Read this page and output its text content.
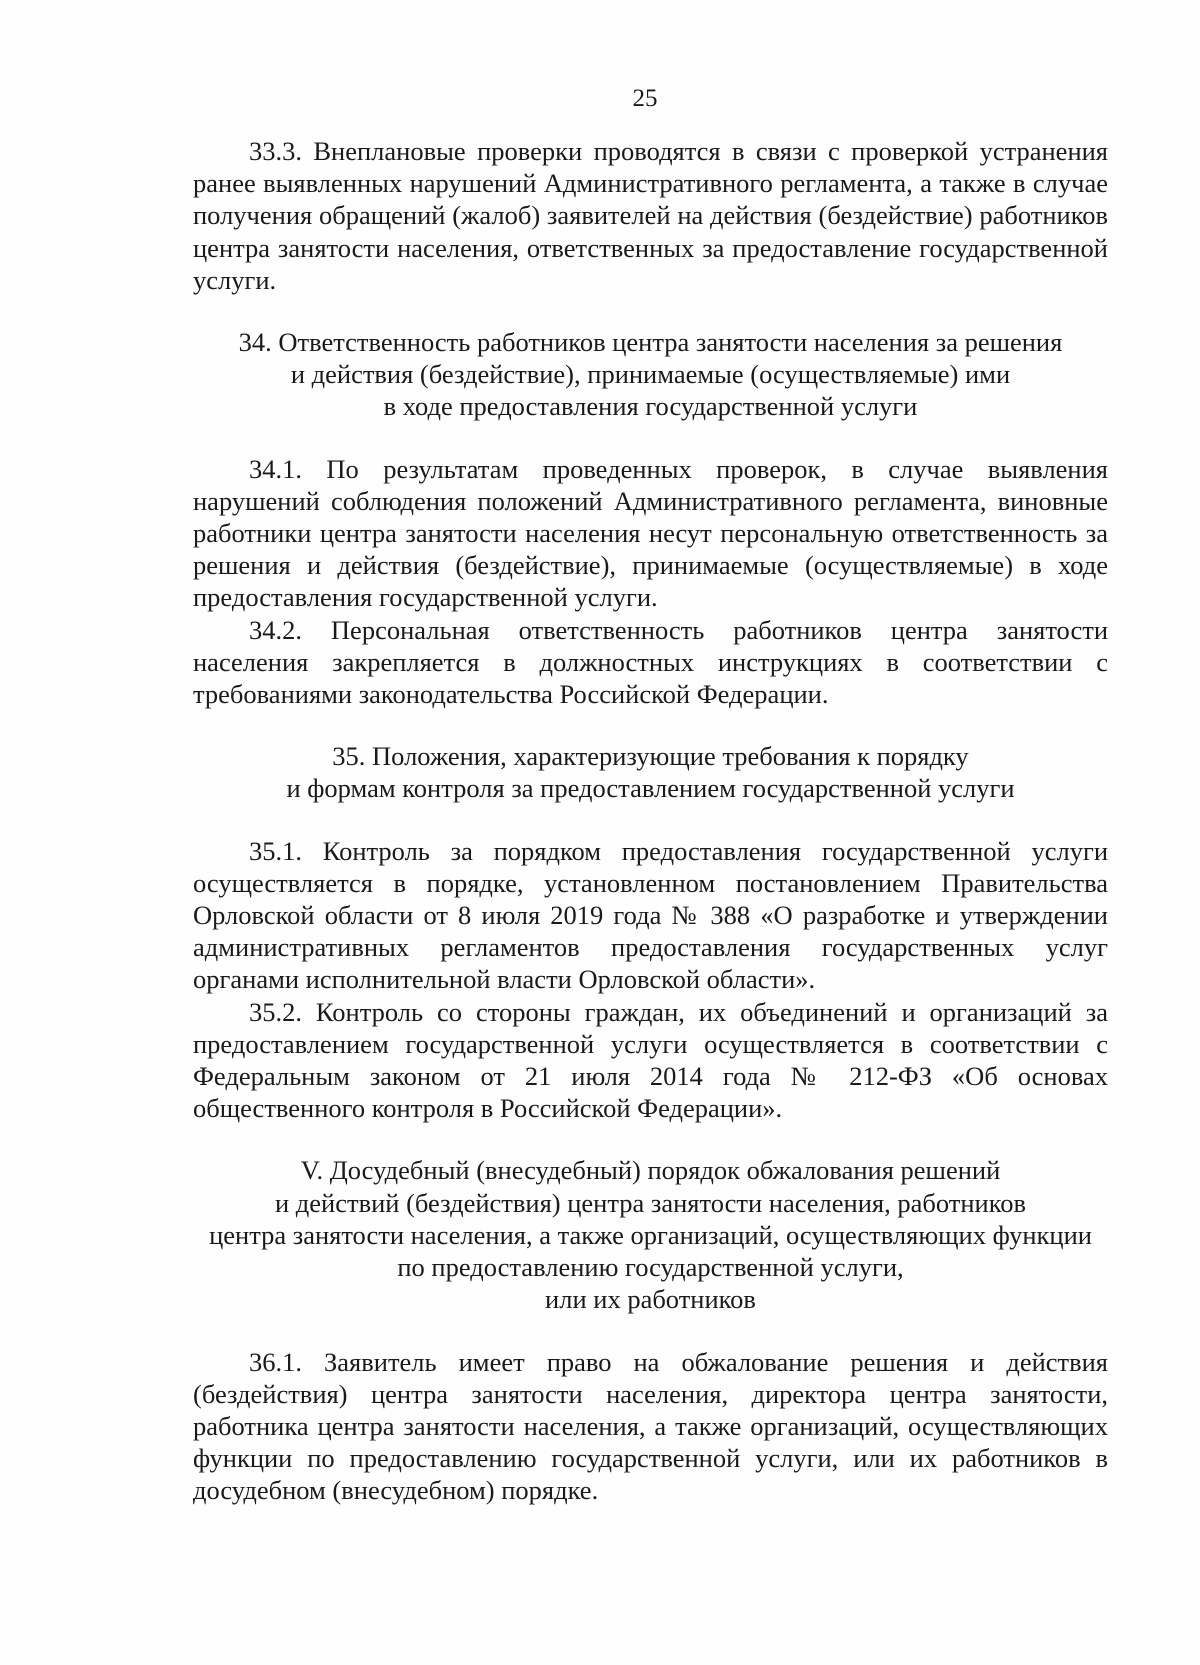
25

33.3. Внеплановые проверки проводятся в связи с проверкой устранения ранее выявленных нарушений Административного регламента, а также в случае получения обращений (жалоб) заявителей на действия (бездействие) работников центра занятости населения, ответственных за предоставление государственной услуги.

34. Ответственность работников центра занятости населения за решения
и действия (бездействие), принимаемые (осуществляемые) ими
в ходе предоставления государственной услуги

34.1. По результатам проведенных проверок, в случае выявления нарушений соблюдения положений Административного регламента, виновные работники центра занятости населения несут персональную ответственность за решения и действия (бездействие), принимаемые (осуществляемые) в ходе предоставления государственной услуги.

34.2. Персональная ответственность работников центра занятости населения закрепляется в должностных инструкциях в соответствии с требованиями законодательства Российской Федерации.

35. Положения, характеризующие требования к порядку
и формам контроля за предоставлением государственной услуги

35.1. Контроль за порядком предоставления государственной услуги осуществляется в порядке, установленном постановлением Правительства Орловской области от 8 июля 2019 года № 388 «О разработке и утверждении административных регламентов предоставления государственных услуг органами исполнительной власти Орловской области».

35.2. Контроль со стороны граждан, их объединений и организаций за предоставлением государственной услуги осуществляется в соответствии с Федеральным законом от 21 июля 2014 года № 212-ФЗ «Об основах общественного контроля в Российской Федерации».

V. Досудебный (внесудебный) порядок обжалования решений
и действий (бездействия) центра занятости населения, работников
центра занятости населения, а также организаций, осуществляющих функции
по предоставлению государственной услуги,
или их работников

36.1. Заявитель имеет право на обжалование решения и действия (бездействия) центра занятости населения, директора центра занятости, работника центра занятости населения, а также организаций, осуществляющих функции по предоставлению государственной услуги, или их работников в досудебном (внесудебном) порядке.
